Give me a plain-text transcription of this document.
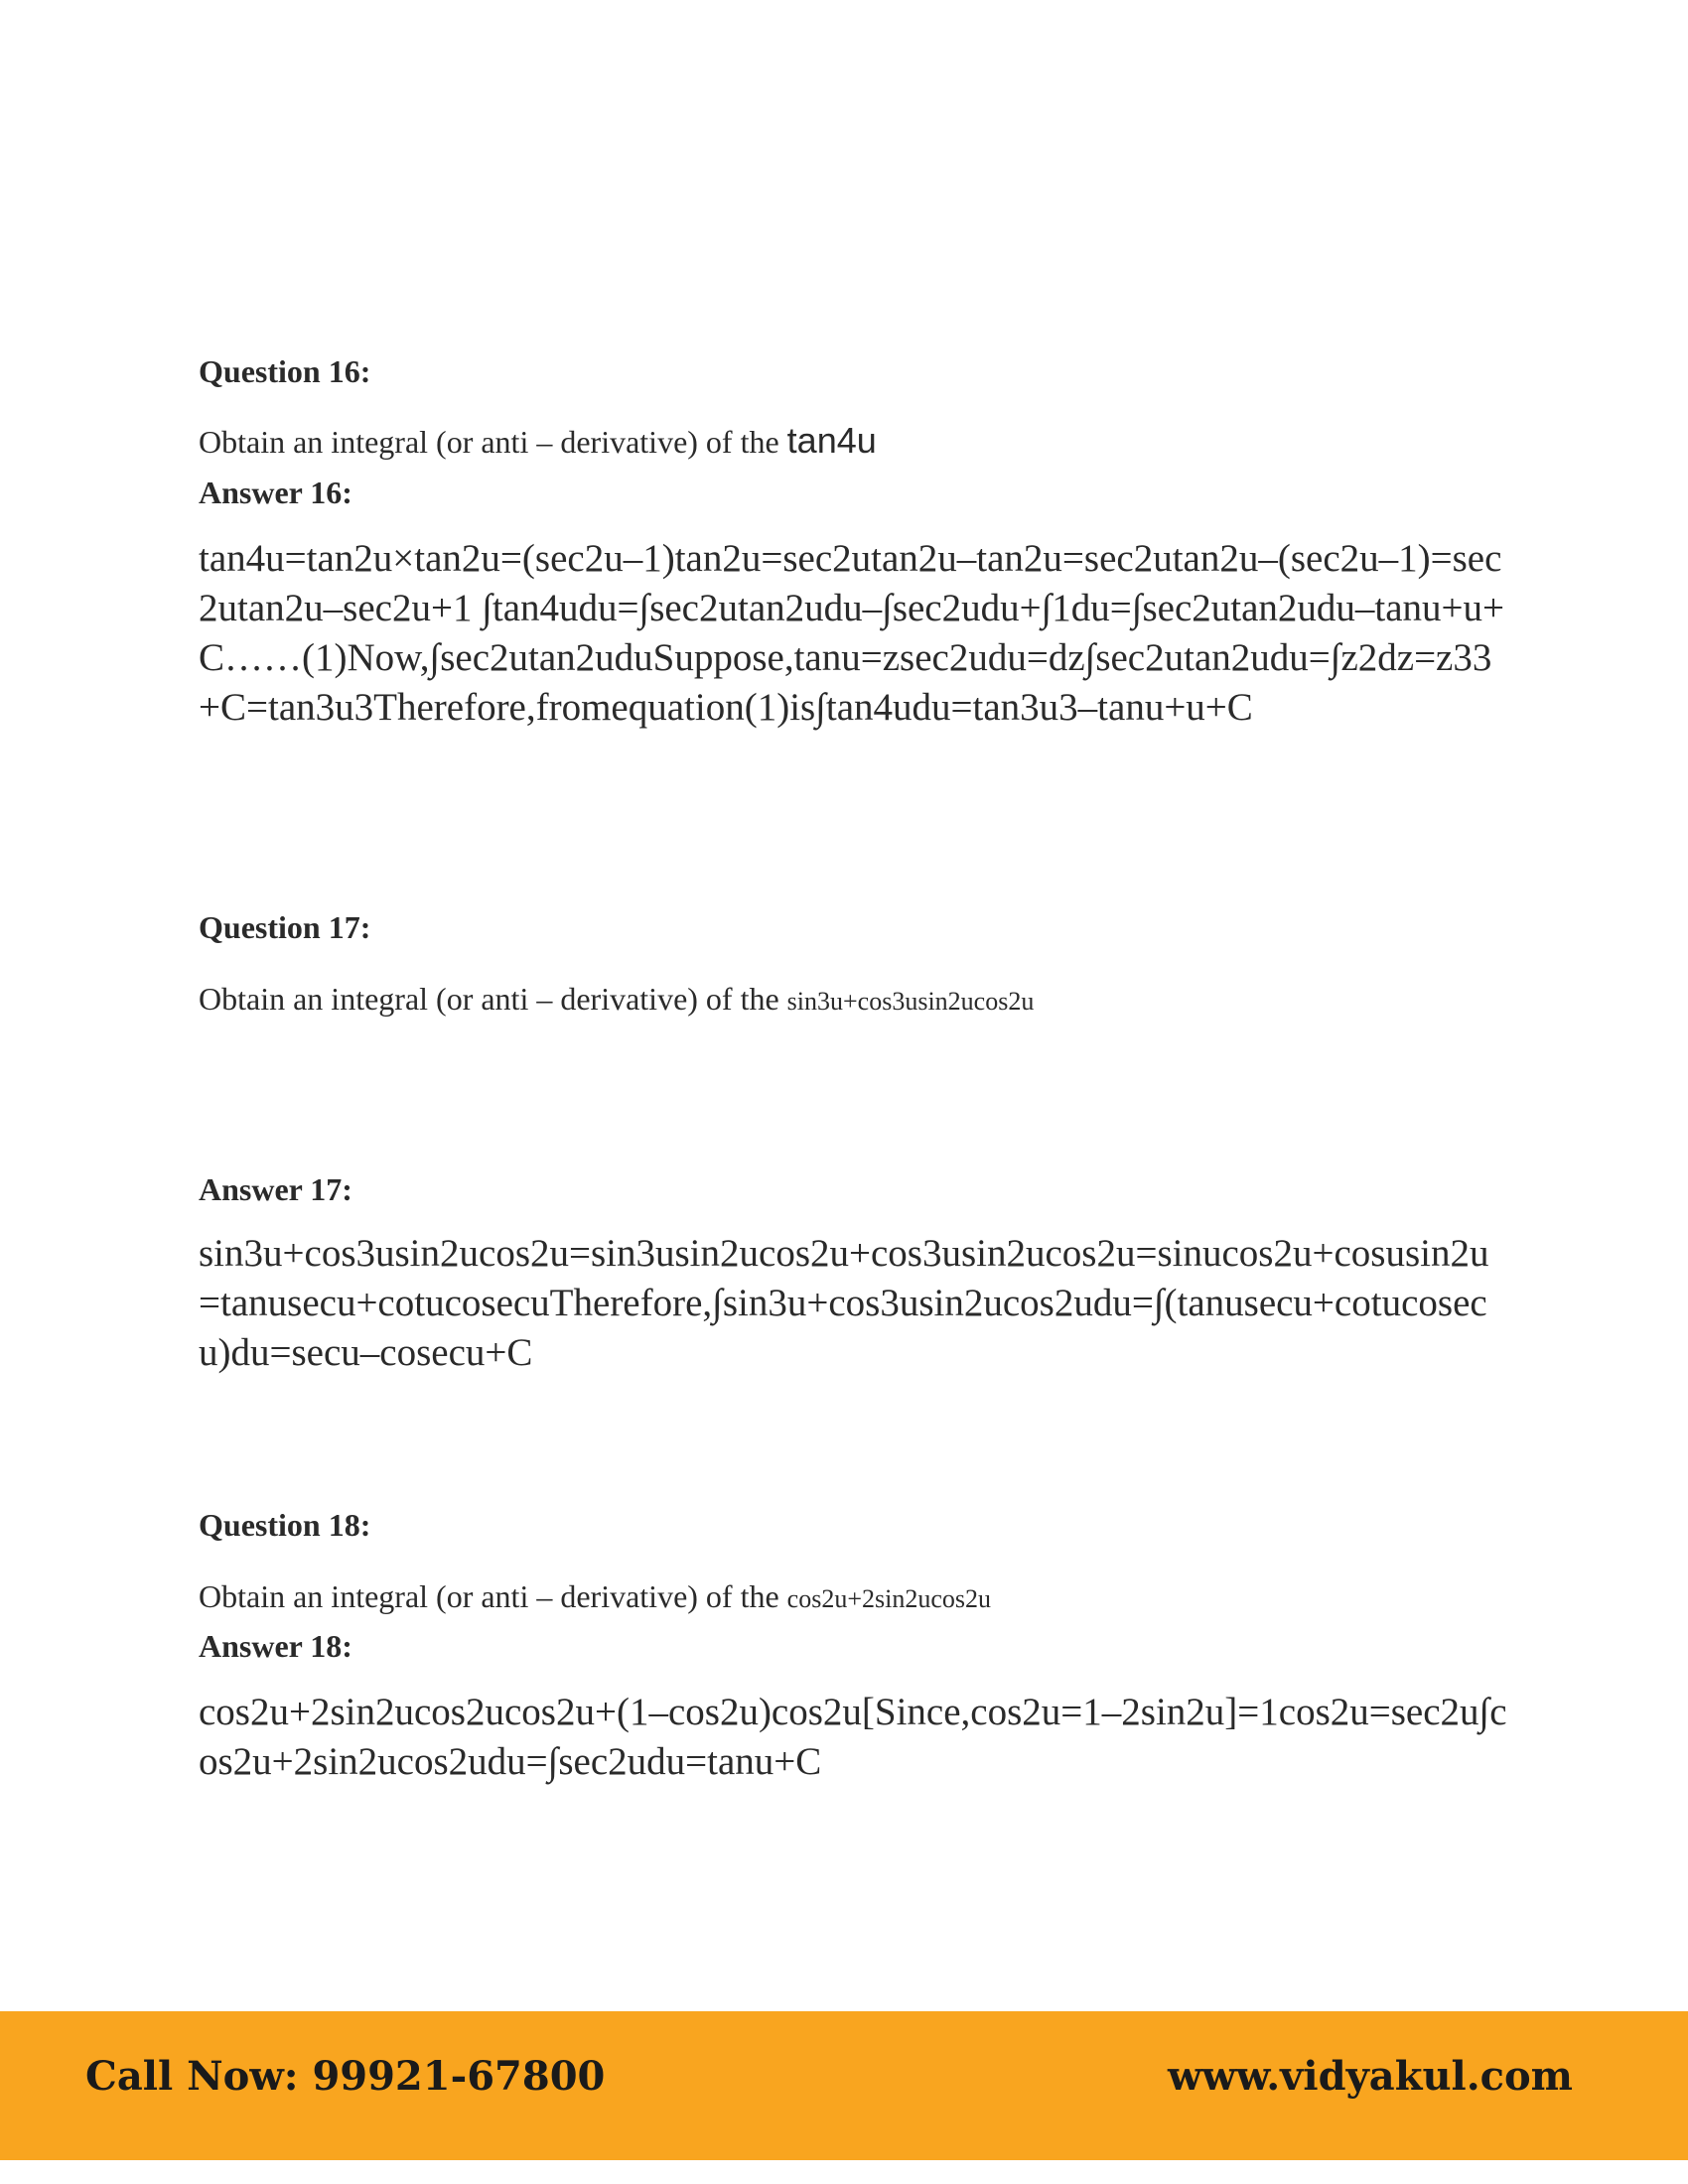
Question 16:

Obtain an integral (or anti – derivative) of the tan4u

Answer 16:

tan4u=tan2u×tan2u=(sec2u–1)tan2u=sec2utan2u–tan2u=sec2utan2u–(sec2u–1)=sec2utan2u–sec2u+1 ∫tan4udu=∫sec2utan2udu–∫sec2udu+∫1du=∫sec2utan2udu–tanu+u+C……(1)Now,∫sec2utan2uduSuppose,tanu=zsec2udu=dz∫sec2utan2udu=∫z2dz=z33+C=tan3u3Therefore,fromequation(1)is∫tan4udu=tan3u3–tanu+u+C

Question 17:

Obtain an integral (or anti – derivative) of the sin3u+cos3usin2ucos2u

Answer 17:

sin3u+cos3usin2ucos2u=sin3usin2ucos2u+cos3usin2ucos2u=sinucos2u+cosusin2u =tanusecu+cotucosecuTherefore,∫sin3u+cos3usin2ucos2udu=∫(tanusecu+cotucosecu)du=secu–cosecu+C

Question 18:

Obtain an integral (or anti – derivative) of the cos2u+2sin2ucos2u

Answer 18:

cos2u+2sin2ucos2ucos2u+(1–cos2u)cos2u[Since,cos2u=1–2sin2u]=1cos2u=sec2u∫cos2u+2sin2ucos2udu=∫sec2udu=tanu+C

Call Now: 99921-67800	www.vidyakul.com
